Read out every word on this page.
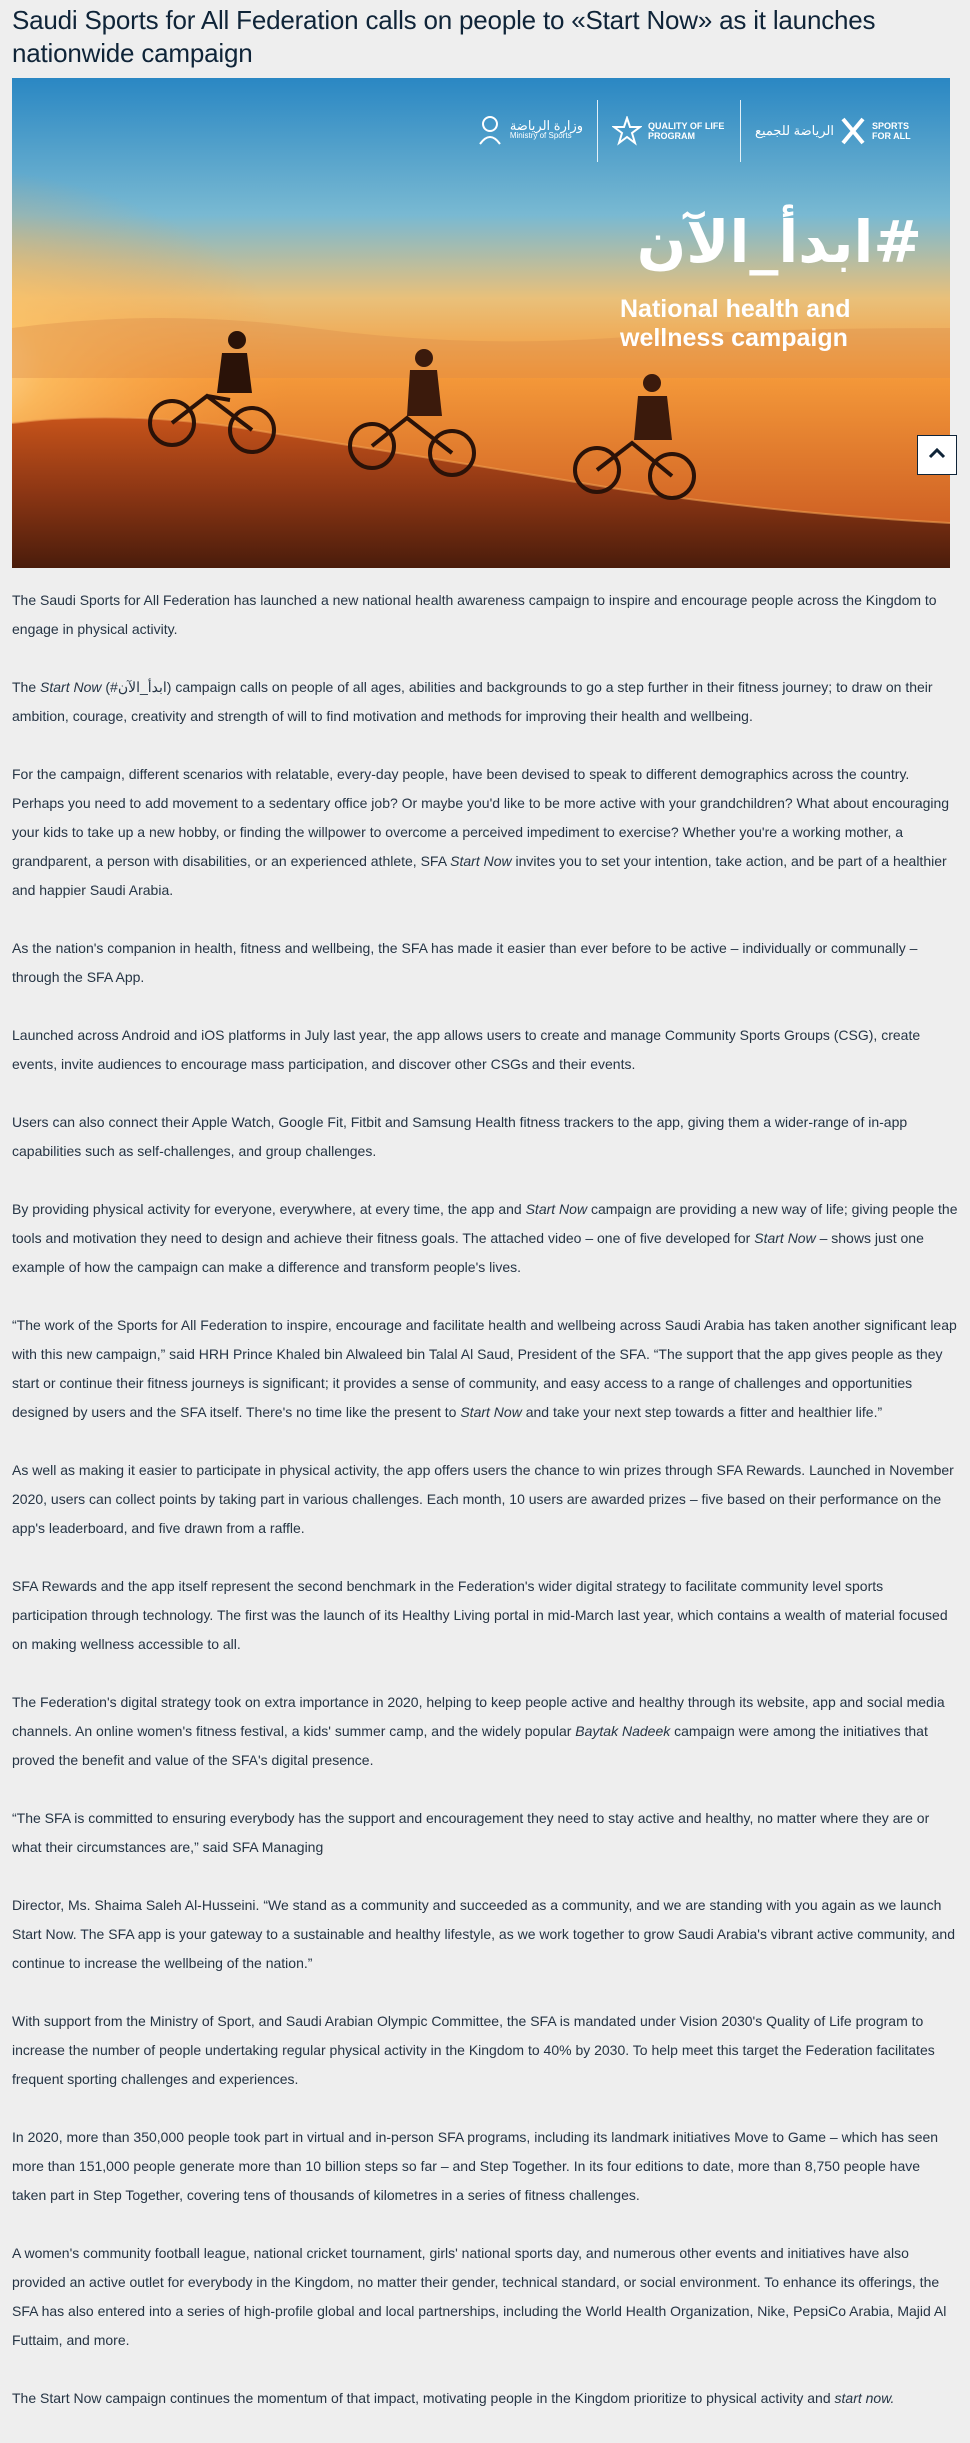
Saudi Sports for All Federation calls on people to «Start Now» as it launches nationwide campaign
وزارة الرياضة
Ministry of Sports
QUALITY OF LIFE PROGRAM	الرياضة للجميع	SPORTS FOR ALL
#ابدأ_الآن
National health and wellness campaign

The Saudi Sports for All Federation has launched a new national health awareness campaign to inspire and encourage people across the Kingdom to engage in physical activity.

The Start Now (#ابدأ_الآن) campaign calls on people of all ages, abilities and backgrounds to go a step further in their fitness journey; to draw on their ambition, courage, creativity and strength of will to find motivation and methods for improving their health and wellbeing.

For the campaign, different scenarios with relatable, every-day people, have been devised to speak to different demographics across the country. Perhaps you need to add movement to a sedentary office job? Or maybe you'd like to be more active with your grandchildren? What about encouraging your kids to take up a new hobby, or finding the willpower to overcome a perceived impediment to exercise? Whether you're a working mother, a grandparent, a person with disabilities, or an experienced athlete, SFA Start Now invites you to set your intention, take action, and be part of a healthier and happier Saudi Arabia.

As the nation's companion in health, fitness and wellbeing, the SFA has made it easier than ever before to be active – individually or communally – through the SFA App.

Launched across Android and iOS platforms in July last year, the app allows users to create and manage Community Sports Groups (CSG), create events, invite audiences to encourage mass participation, and discover other CSGs and their events.

Users can also connect their Apple Watch, Google Fit, Fitbit and Samsung Health fitness trackers to the app, giving them a wider-range of in-app capabilities such as self-challenges, and group challenges.

By providing physical activity for everyone, everywhere, at every time, the app and Start Now campaign are providing a new way of life; giving people the tools and motivation they need to design and achieve their fitness goals. The attached video – one of five developed for Start Now – shows just one example of how the campaign can make a difference and transform people's lives.

“The work of the Sports for All Federation to inspire, encourage and facilitate health and wellbeing across Saudi Arabia has taken another significant leap with this new campaign,” said HRH Prince Khaled bin Alwaleed bin Talal Al Saud, President of the SFA. “The support that the app gives people as they start or continue their fitness journeys is significant; it provides a sense of community, and easy access to a range of challenges and opportunities designed by users and the SFA itself. There's no time like the present to Start Now and take your next step towards a fitter and healthier life.”

As well as making it easier to participate in physical activity, the app offers users the chance to win prizes through SFA Rewards. Launched in November 2020, users can collect points by taking part in various challenges. Each month, 10 users are awarded prizes – five based on their performance on the app's leaderboard, and five drawn from a raffle.

SFA Rewards and the app itself represent the second benchmark in the Federation's wider digital strategy to facilitate community level sports participation through technology. The first was the launch of its Healthy Living portal in mid-March last year, which contains a wealth of material focused on making wellness accessible to all.

The Federation's digital strategy took on extra importance in 2020, helping to keep people active and healthy through its website, app and social media channels. An online women's fitness festival, a kids' summer camp, and the widely popular Baytak Nadeek campaign were among the initiatives that proved the benefit and value of the SFA's digital presence.

“The SFA is committed to ensuring everybody has the support and encouragement they need to stay active and healthy, no matter where they are or what their circumstances are,” said SFA Managing

Director, Ms. Shaima Saleh Al-Husseini. “We stand as a community and succeeded as a community, and we are standing with you again as we launch Start Now. The SFA app is your gateway to a sustainable and healthy lifestyle, as we work together to grow Saudi Arabia's vibrant active community, and continue to increase the wellbeing of the nation.”

With support from the Ministry of Sport, and Saudi Arabian Olympic Committee, the SFA is mandated under Vision 2030's Quality of Life program to increase the number of people undertaking regular physical activity in the Kingdom to 40% by 2030. To help meet this target the Federation facilitates frequent sporting challenges and experiences.

In 2020, more than 350,000 people took part in virtual and in-person SFA programs, including its landmark initiatives Move to Game – which has seen more than 151,000 people generate more than 10 billion steps so far – and Step Together. In its four editions to date, more than 8,750 people have taken part in Step Together, covering tens of thousands of kilometres in a series of fitness challenges.

A women's community football league, national cricket tournament, girls' national sports day, and numerous other events and initiatives have also provided an active outlet for everybody in the Kingdom, no matter their gender, technical standard, or social environment. To enhance its offerings, the SFA has also entered into a series of high-profile global and local partnerships, including the World Health Organization, Nike, PepsiCo Arabia, Majid Al Futtaim, and more.

The Start Now campaign continues the momentum of that impact, motivating people in the Kingdom prioritize to physical activity and start now.
